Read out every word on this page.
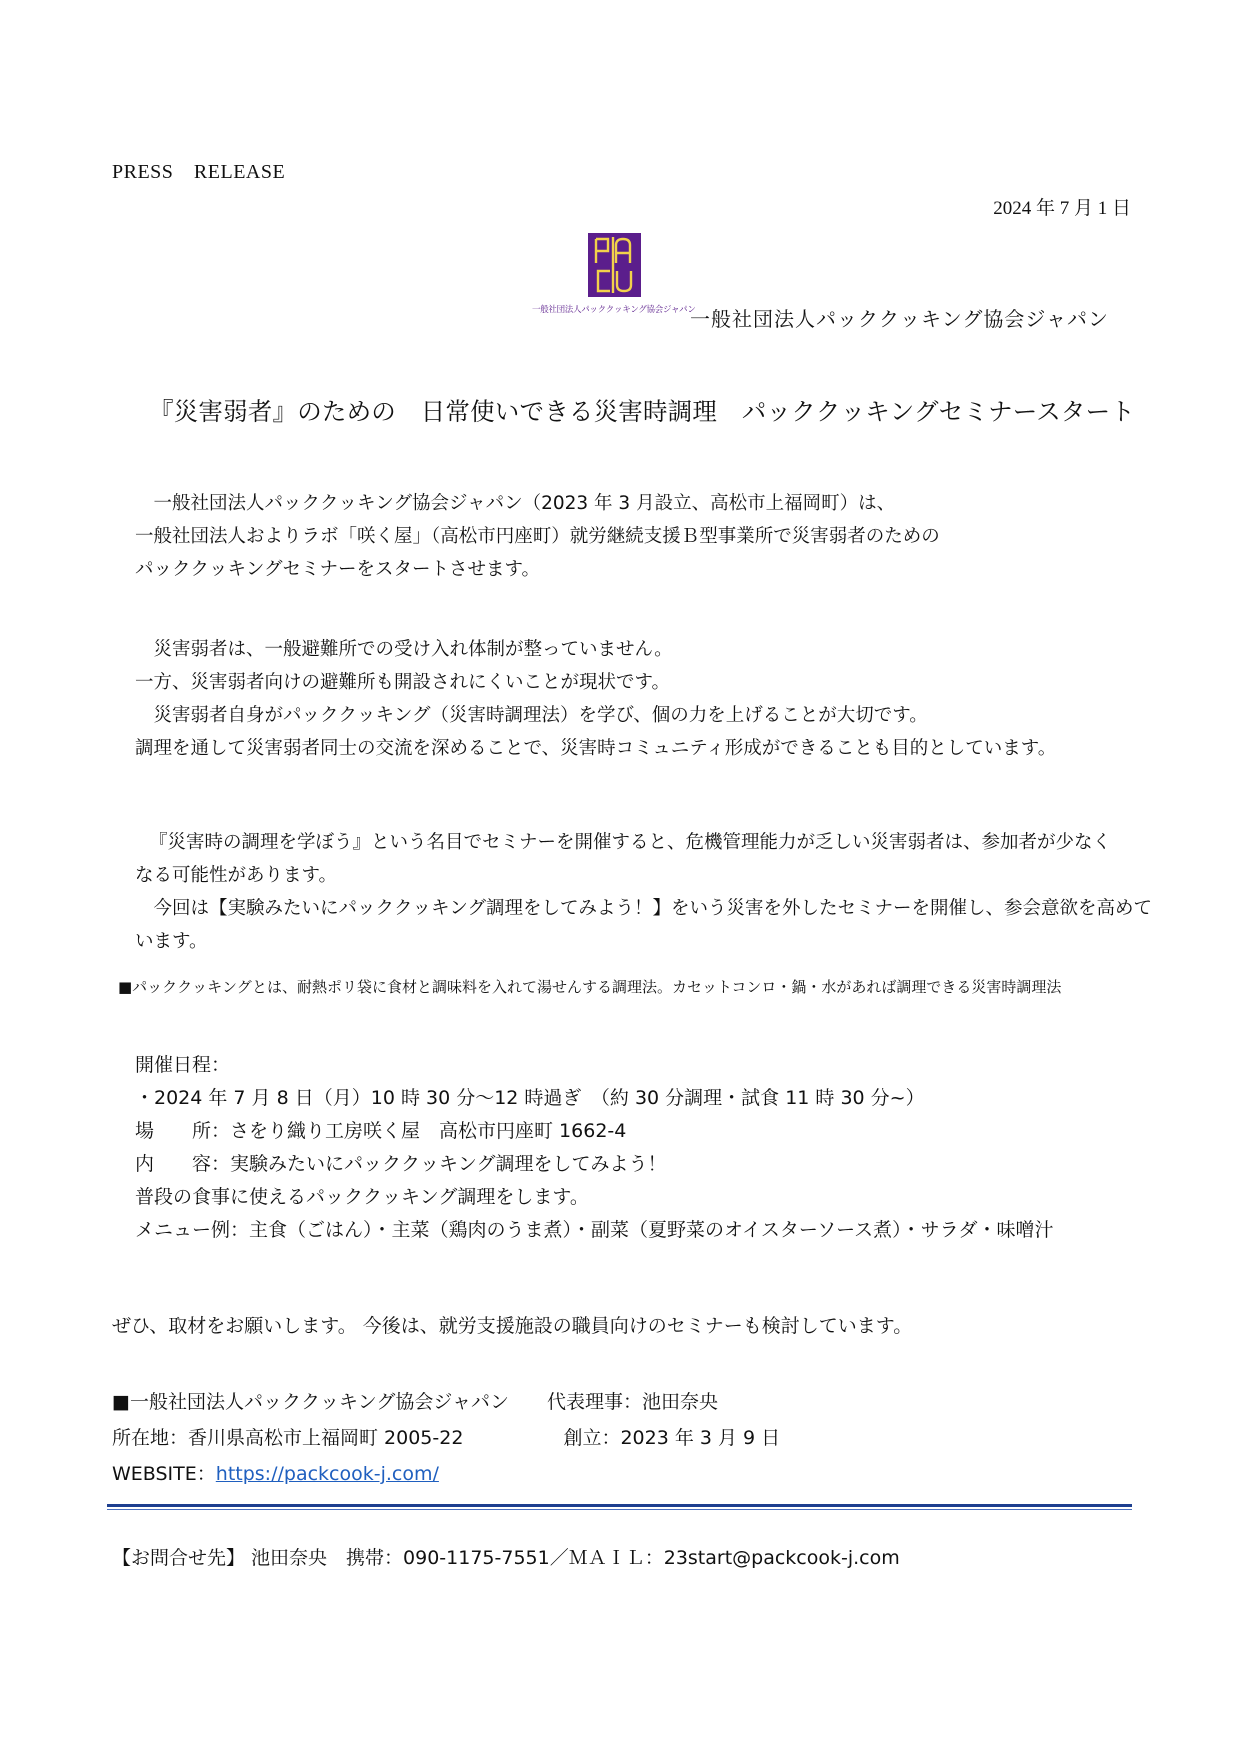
PRESS　RELEASE
2024 年 7 月 1 日
一般社団法人パッククッキング協会ジャパン
一般社団法人パッククッキング協会ジャパン
『災害弱者』のための　日常使いできる災害時調理　パッククッキングセミナースタート
　一般社団法人パッククッキング協会ジャパン（2023 年 3 月設立、高松市上福岡町）は、
一般社団法人およりラボ「咲く屋」（高松市円座町）就労継続支援Ｂ型事業所で災害弱者のための
パッククッキングセミナーをスタートさせます。
　災害弱者は、一般避難所での受け入れ体制が整っていません。
一方、災害弱者向けの避難所も開設されにくいことが現状です。
　災害弱者自身がパッククッキング（災害時調理法）を学び、個の力を上げることが大切です。
調理を通して災害弱者同士の交流を深めることで、災害時コミュニティ形成ができることも目的としています。
『災害時の調理を学ぼう』という名目でセミナーを開催すると、危機管理能力が乏しい災害弱者は、参加者が少なく
なる可能性があります。
　今回は【実験みたいにパッククッキング調理をしてみよう！】をいう災害を外したセミナーを開催し、参会意欲を高めて
います。
■パッククッキングとは、耐熱ポリ袋に食材と調味料を入れて湯せんする調理法。カセットコンロ・鍋・水があれば調理できる災害時調理法
開催日程：
・2024 年 7 月 8 日（月）10 時 30 分～12 時過ぎ　（約 30 分調理・試食 11 時 30 分~）
場　　所：さをり織り工房咲く屋　高松市円座町 1662-4
内　　容：実験みたいにパッククッキング調理をしてみよう！
普段の食事に使えるパッククッキング調理をします。
メニュー例：主食（ごはん）・主菜（鶏肉のうま煮）・副菜（夏野菜のオイスターソース煮）・サラダ・味噌汁
ぜひ、取材をお願いします。 今後は、就労支援施設の職員向けのセミナーも検討しています。
■一般社団法人パッククッキング協会ジャパン　　代表理事：池田奈央
所在地：香川県高松市上福岡町 2005-22	創立：2023 年 3 月 9 日
WEBSITE：https://packcook-j.com/
【お問合せ先】 池田奈央　携帯：090-1175-7551／ＭＡＩＬ：23start@packcook-j.com
